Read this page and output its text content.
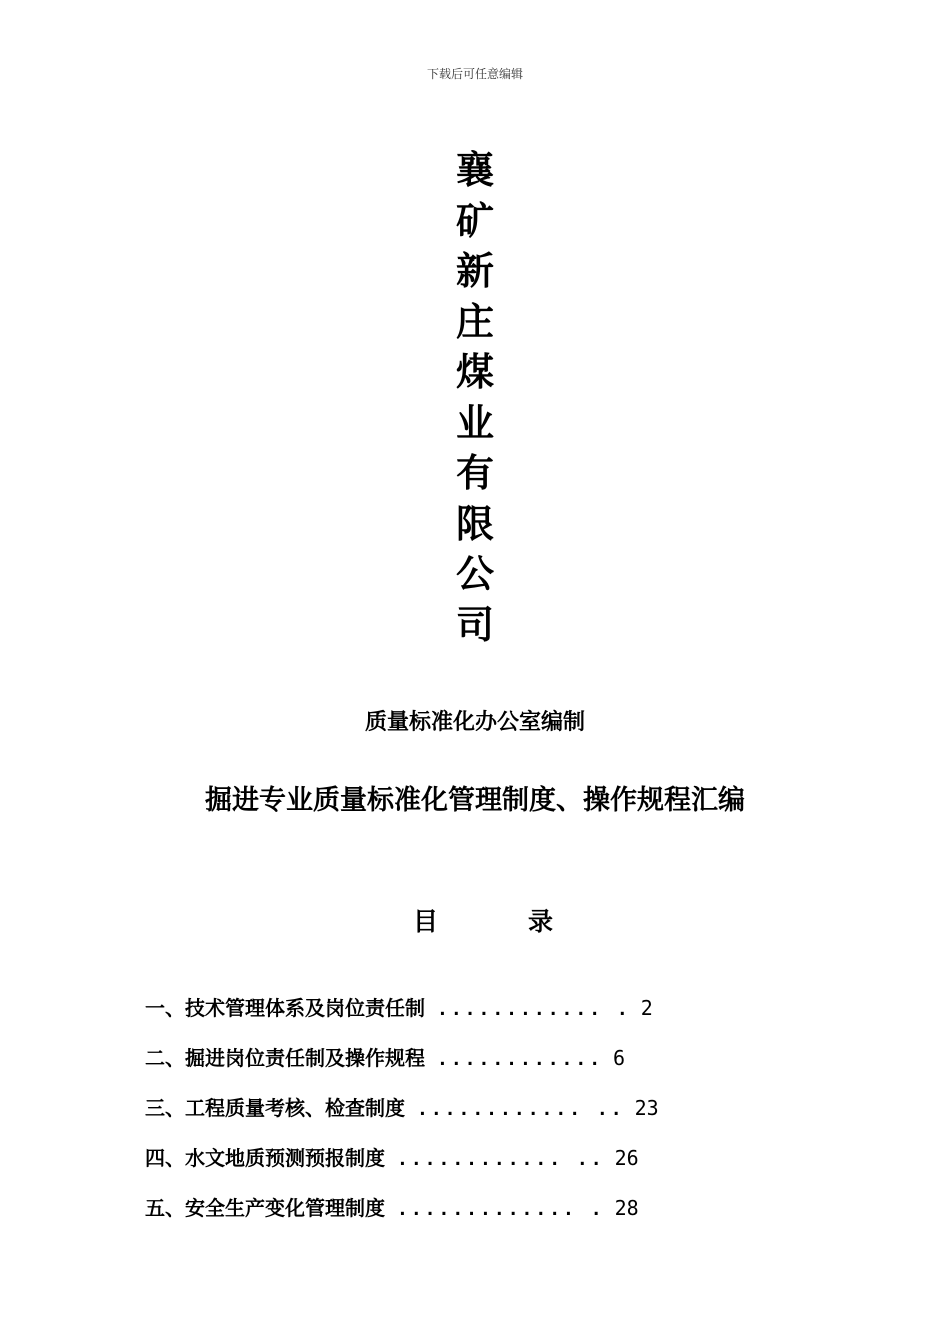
下载后可任意编辑
襄
矿
新
庄
煤
业
有
限
公
司
质量标准化办公室编制
掘进专业质量标准化管理制度、操作规程汇编
目	录
一、技术管理体系及岗位责任制 ............ . 2
二、掘进岗位责任制及操作规程 ............ 6
三、工程质量考核、检查制度 ............ .. 23
四、水文地质预测预报制度 ............ .. 26
五、安全生产变化管理制度 ............. . 28
